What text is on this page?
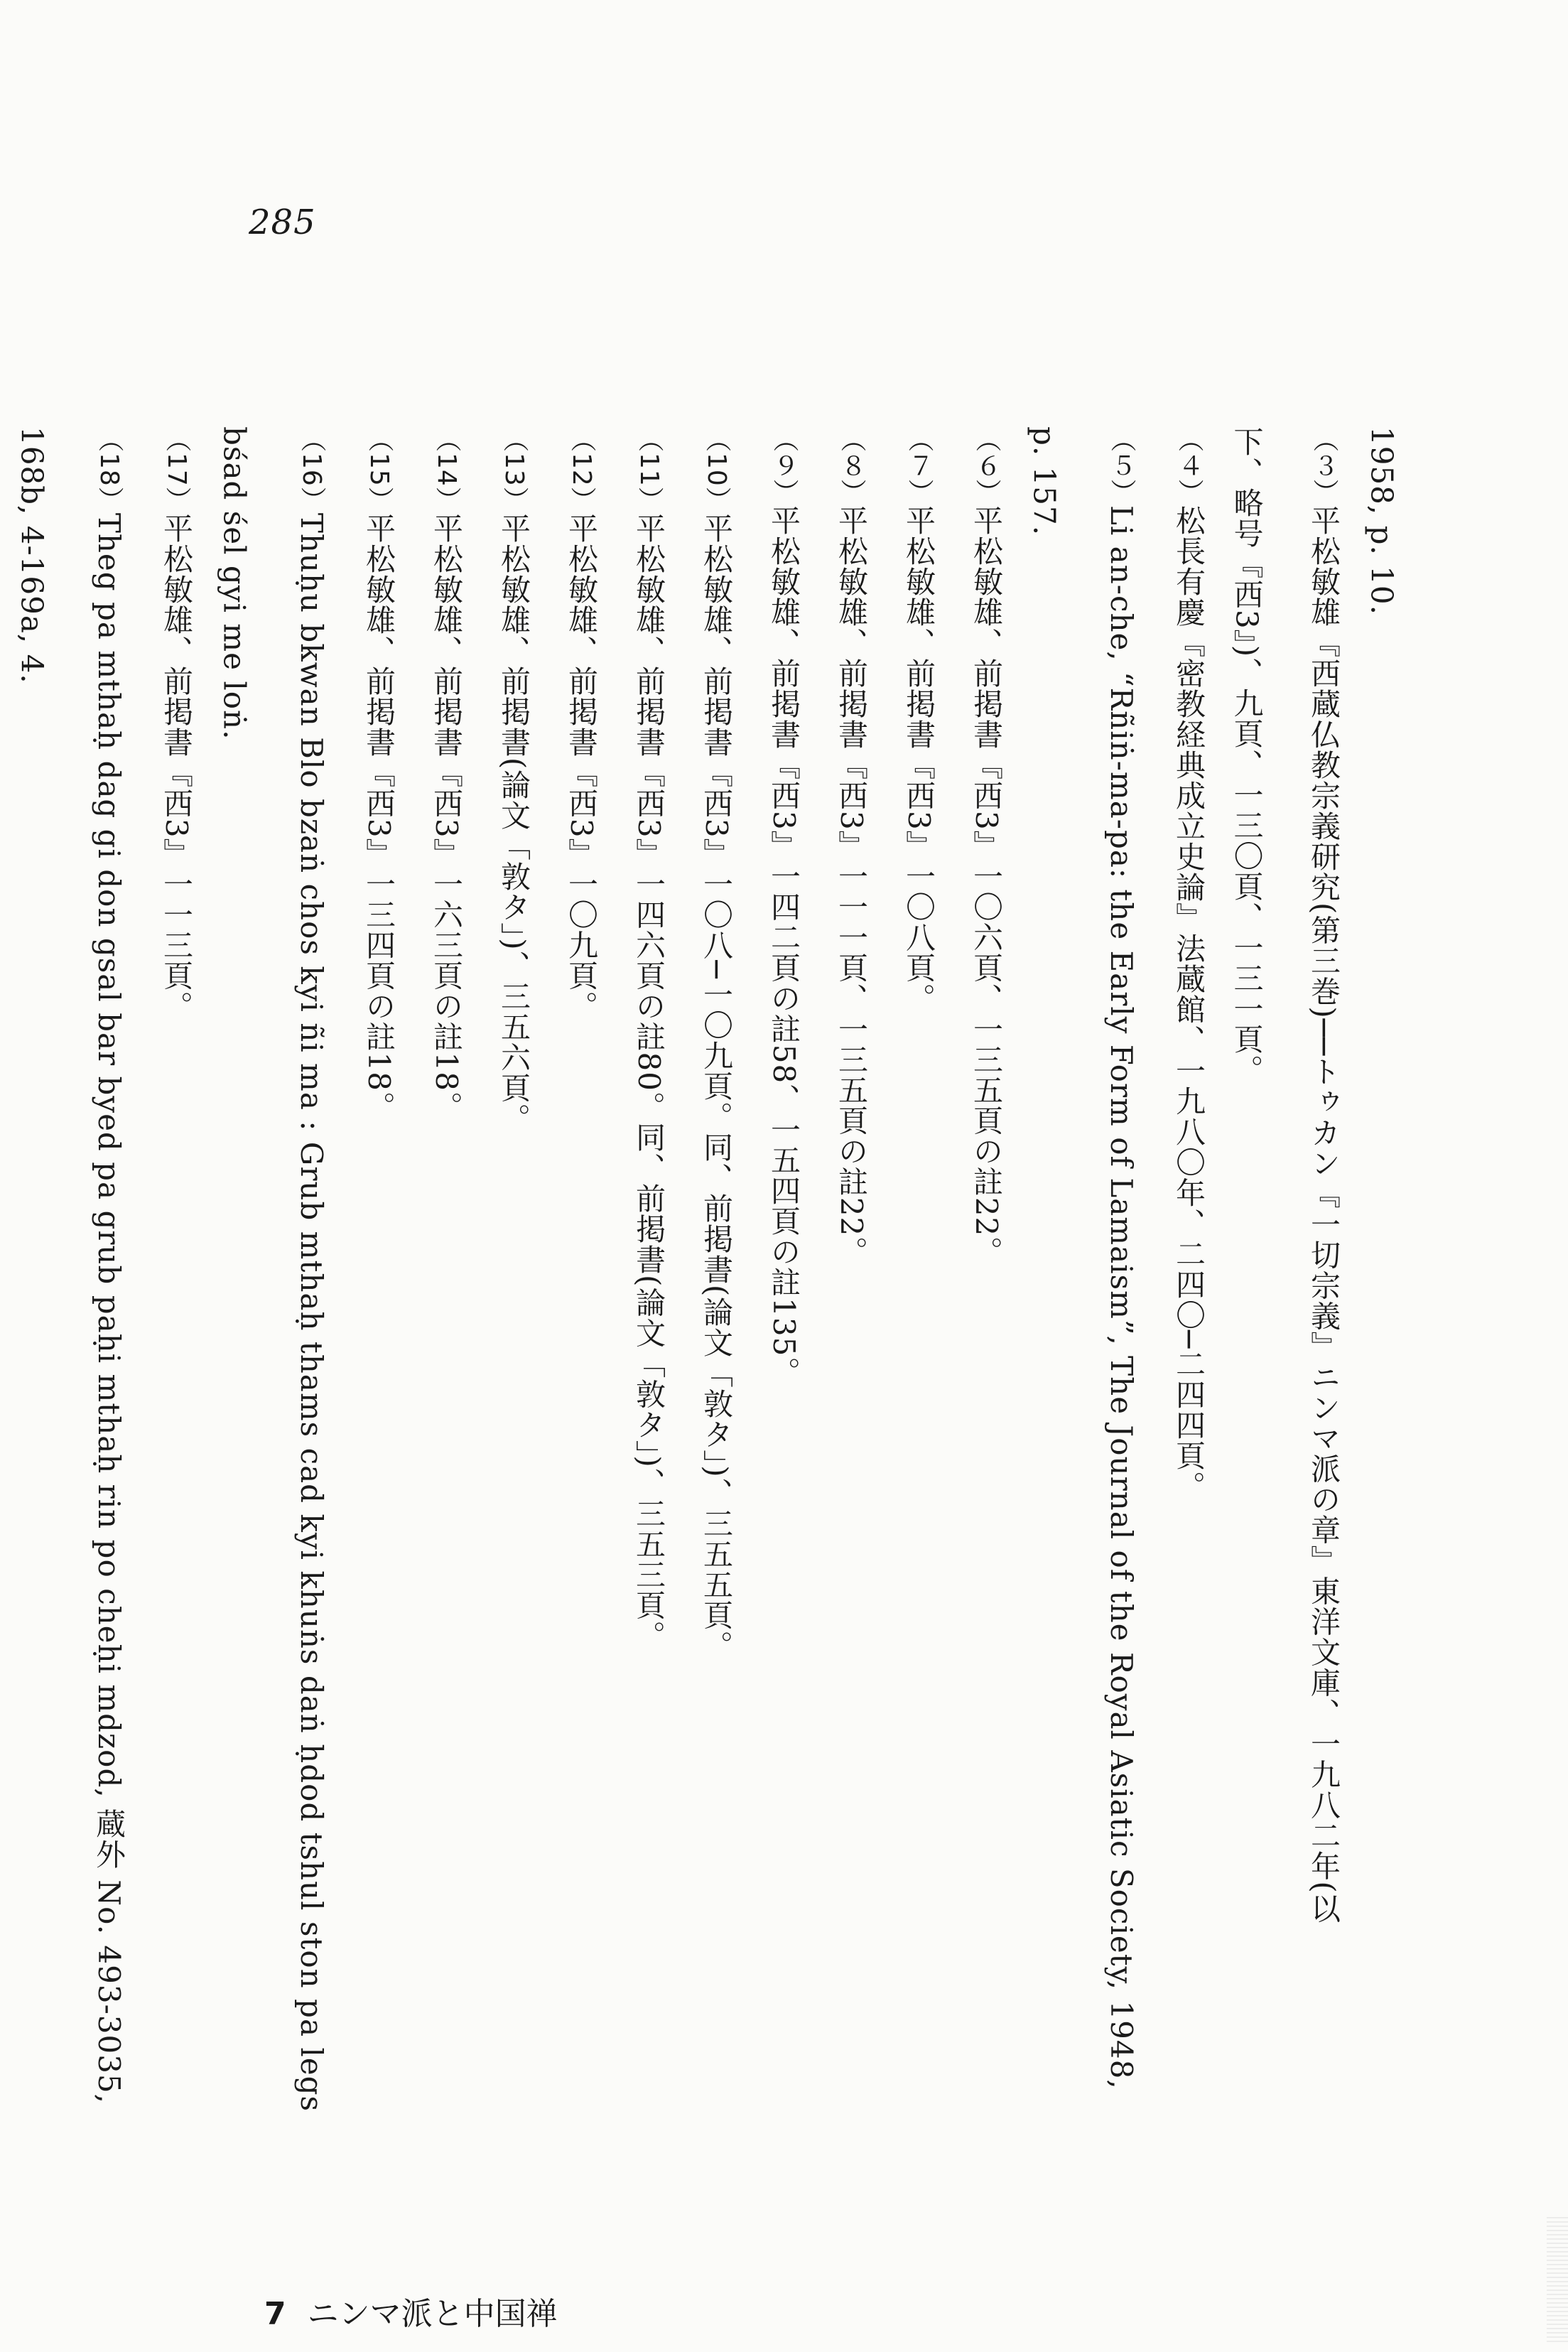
285
1958, p. 10.
（３）平松敏雄『西蔵仏教宗義研究(第三巻)──トゥカン『一切宗義』ニンマ派の章』東洋文庫、一九八二年(以
下、略号『西3』)、九頁、一三〇頁、一三一頁。
（４）松長有慶『密教経典成立史論』法蔵館、一九八〇年、二四〇─二四四頁。
（５）Li an-che, “Rñiṅ-ma-pa: the Early Form of Lamaism”, The Journal of the Royal Asiatic Society, 1948,
p. 157.
（６）平松敏雄、前掲書『西3』一〇六頁、一三五頁の註22。
（７）平松敏雄、前掲書『西3』一〇八頁。
（８）平松敏雄、前掲書『西3』一一一頁、一三五頁の註22。
（９）平松敏雄、前掲書『西3』一四二頁の註58、一五四頁の註135。
（10）平松敏雄、前掲書『西3』一〇八─一〇九頁。同、前掲書(論文「敦タ」)、三五五頁。
（11）平松敏雄、前掲書『西3』一四六頁の註80。同、前掲書(論文「敦タ」)、三五三頁。
（12）平松敏雄、前掲書『西3』一〇九頁。
（13）平松敏雄、前掲書(論文「敦タ」)、三五六頁。
（14）平松敏雄、前掲書『西3』一六三頁の註18。
（15）平松敏雄、前掲書『西3』一三四頁の註18。
（16）Thuḥu bkwan Blo bzaṅ chos kyi ñi ma : Grub mthaḥ thams cad kyi khuṅs daṅ ḥdod tshul ston pa legs
bśad śel gyi me loṅ.
（17）平松敏雄、前掲書『西3』一一三頁。
（18）Theg pa mthaḥ dag gi don gsal bar byed pa grub paḥi mthaḥ rin po cheḥi mdzod, 蔵外 No. 493-3035,
168b, 4-169a, 4.
7 ニンマ派と中国禅
